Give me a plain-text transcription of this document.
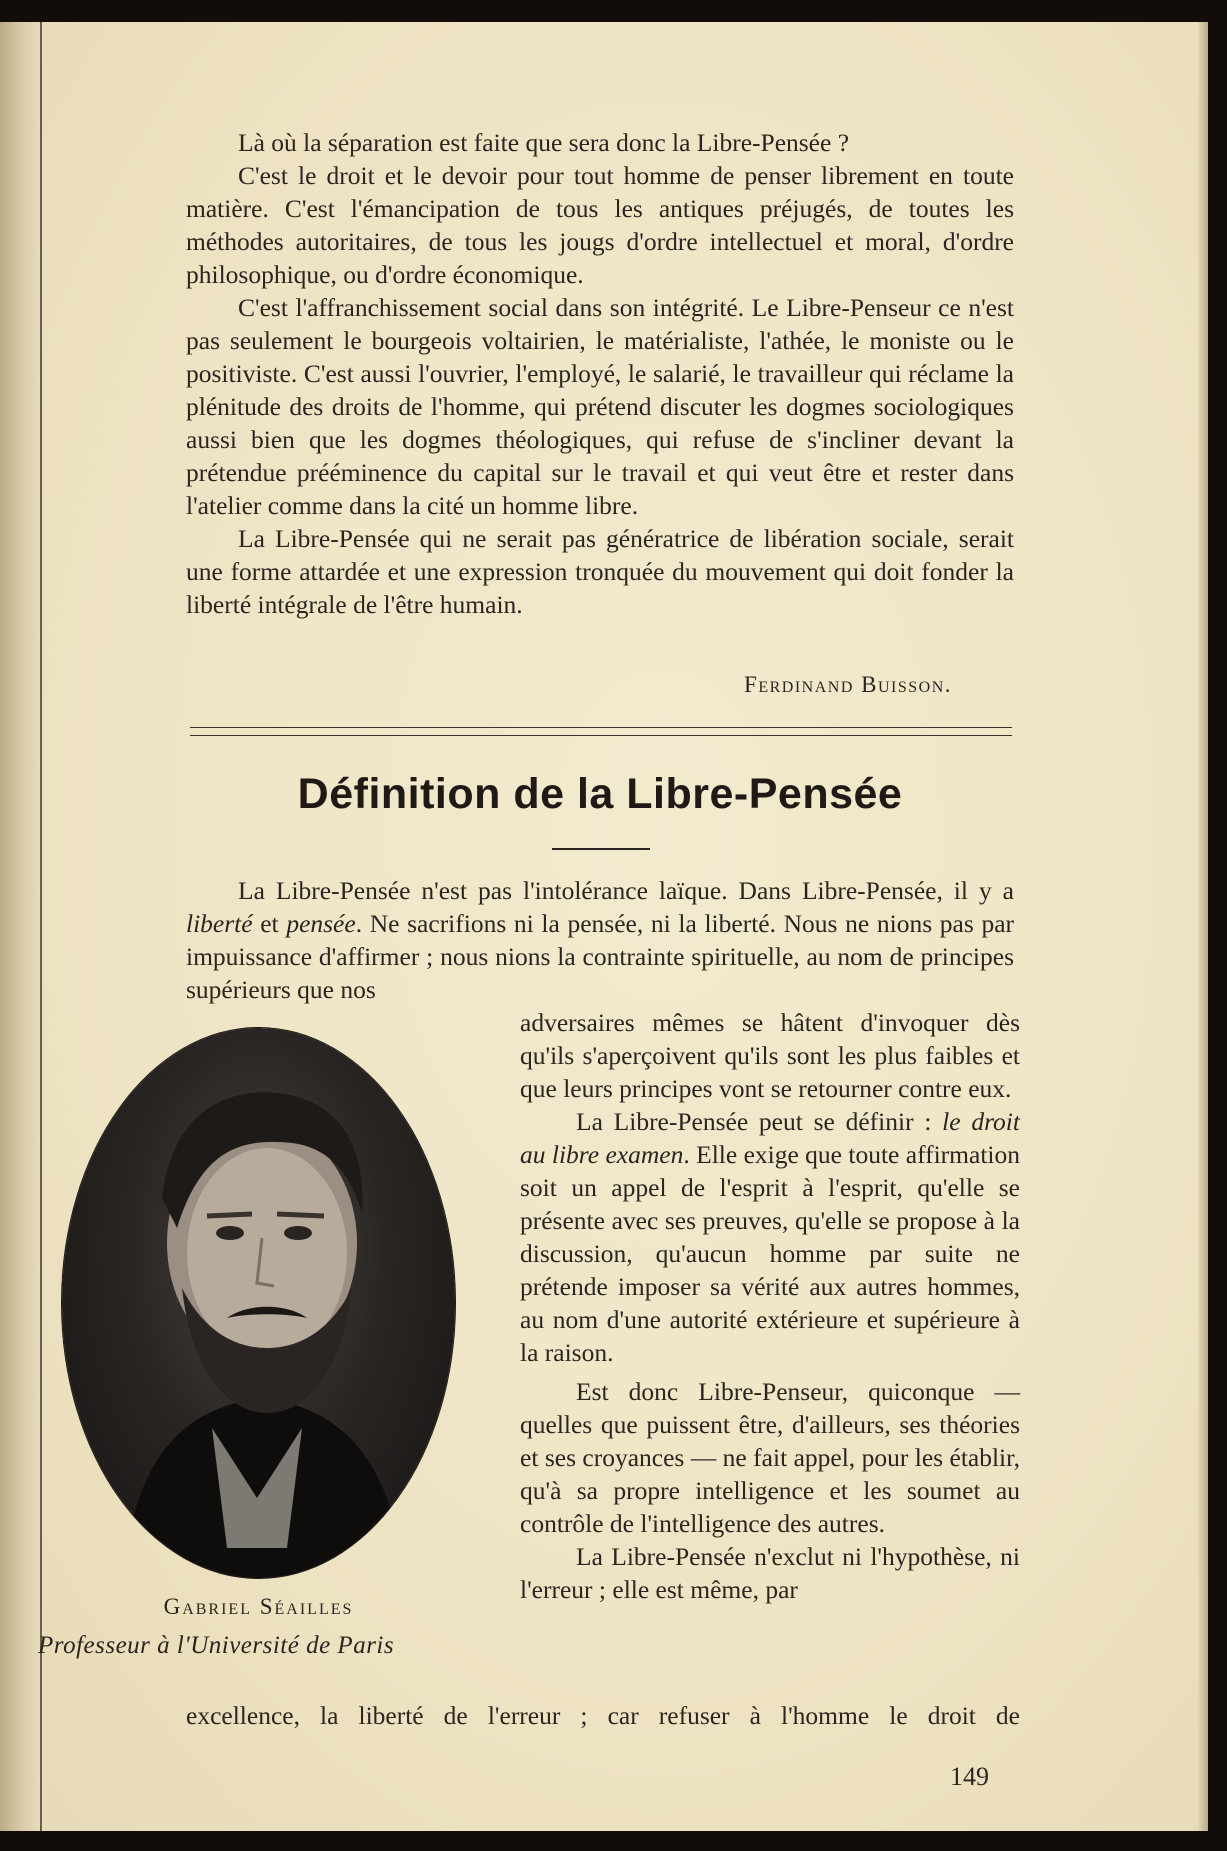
Là où la séparation est faite que sera donc la Libre-Pensée ?

C'est le droit et le devoir pour tout homme de penser librement en toute matière. C'est l'émancipation de tous les antiques préjugés, de toutes les méthodes autoritaires, de tous les jougs d'ordre intellectuel et moral, d'ordre philosophique, ou d'ordre économique.

C'est l'affranchissement social dans son intégrité. Le Libre-Penseur ce n'est pas seulement le bourgeois voltairien, le matérialiste, l'athée, le moniste ou le positiviste. C'est aussi l'ouvrier, l'employé, le salarié, le travailleur qui réclame la plénitude des droits de l'homme, qui prétend discuter les dogmes sociologiques aussi bien que les dogmes théologiques, qui refuse de s'incliner devant la prétendue prééminence du capital sur le travail et qui veut être et rester dans l'atelier comme dans la cité un homme libre.

La Libre-Pensée qui ne serait pas génératrice de libération sociale, serait une forme attardée et une expression tronquée du mouvement qui doit fonder la liberté intégrale de l'être humain.

Ferdinand Buisson.
Définition de la Libre-Pensée

La Libre-Pensée n'est pas l'intolérance laïque. Dans Libre-Pensée, il y a liberté et pensée. Ne sacrifions ni la pensée, ni la liberté. Nous ne nions pas par impuissance d'affirmer ; nous nions la contrainte spirituelle, au nom de principes supérieurs que nos

adversaires mêmes se hâtent d'invoquer dès qu'ils s'aperçoivent qu'ils sont les plus faibles et que leurs principes vont se retourner contre eux.

La Libre-Pensée peut se définir : le droit au libre examen. Elle exige que toute affirmation soit un appel de l'esprit à l'esprit, qu'elle se présente avec ses preuves, qu'elle se propose à la discussion, qu'aucun homme par suite ne prétende imposer sa vérité aux autres hommes, au nom d'une autorité extérieure et supérieure à la raison.

Est donc Libre-Penseur, quiconque — quelles que puissent être, d'ailleurs, ses théories et ses croyances — ne fait appel, pour les établir, qu'à sa propre intelligence et les soumet au contrôle de l'intelligence des autres.

La Libre-Pensée n'exclut ni l'hypothèse, ni l'erreur ; elle est même, par

excellence, la liberté de l'erreur ; car refuser à l'homme le droit de
Gabriel Séailles
Professeur à l'Université de Paris
149
